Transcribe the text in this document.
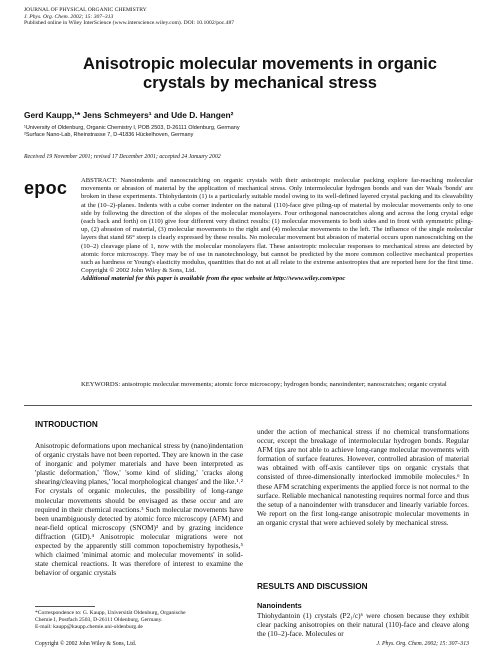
JOURNAL OF PHYSICAL ORGANIC CHEMISTRY
J. Phys. Org. Chem. 2002; 15: 307–313
Published online in Wiley InterScience (www.interscience.wiley.com). DOI: 10.1002/poc.487
Anisotropic molecular movements in organic crystals by mechanical stress
Gerd Kaupp,¹* Jens Schmeyers¹ and Ude D. Hangen²
¹University of Oldenburg, Organic Chemistry I, POB 2503, D-26111 Oldenburg, Germany
²Surface Nano-Lab, Rheinstrasse 7, D-41836 Hückelhoven, Germany
Received 19 November 2001; revised 17 December 2001; accepted 24 January 2002
epoc ABSTRACT: Nanoindents and nanoscratching on organic crystals with their anisotropic molecular packing explore far-reaching molecular movements or abrasion of material by the application of mechanical stress. Only intermolecular hydrogen bonds and van der Waals 'bonds' are broken in these experiments. Thiohydantoin (1) is a particularly suitable model owing to its well-defined layered crystal packing and its cleavability at the (10–2)-planes. Indents with a cube corner indenter on the natural (110)-face give piling-up of material by molecular movements only to one side by following the direction of the slopes of the molecular monolayers. Four orthogonal nanoscratches along and across the long crystal edge (each back and forth) on (110) give four different very distinct results: (1) molecular movements to both sides and in front with symmetric piling-up, (2) abrasion of material, (3) molecular movements to the right and (4) molecular movements to the left. The influence of the single molecular layers that stand 66° steep is clearly expressed by these results. No molecular movement but abrasion of material occurs upon nanoscratching on the (10–2) cleavage plane of 1, now with the molecular monolayers flat. These anisotropic molecular responses to mechanical stress are detected by atomic force microscopy. They may be of use in nanotechnology, but cannot be predicted by the more common collective mechanical properties such as hardness or Young's elasticity modulus, quantities that do not at all relate to the extreme anisotropies that are reported here for the first time. Copyright © 2002 John Wiley & Sons, Ltd.

Additional material for this paper is available from the epoc website at http://www.wiley.com/epoc

KEYWORDS: anisotropic molecular movements; atomic force microscopy; hydrogen bonds; nanoindenter; nanoscratches; organic crystal
INTRODUCTION

Anisotropic deformations upon mechanical stress by (nano)indentation of organic crystals have not been reported. They are known in the case of inorganic and polymer materials and have been interpreted as 'plastic deformation,' 'flow,' 'some kind of sliding,' 'cracks along shearing/cleaving planes,' 'local morphological changes' and the like.¹˒² For crystals of organic molecules, the possibility of long-range molecular movements should be envisaged as these occur and are required in their chemical reactions.³ Such molecular movements have been unambiguously detected by atomic force microscopy (AFM) and near-field optical microscopy (SNOM)³ and by grazing incidence diffraction (GID).⁴ Anisotropic molecular migrations were not expected by the apparently still common topochemistry hypothesis,⁵ which claimed 'minimal atomic and molecular movements' in solid-state chemical reactions. It was therefore of interest to examine the behavior of organic crystals

*Correspondence to: G. Kaupp, Universität Oldenburg, Organische
Chemie I, Postfach 2503, D-26111 Oldenburg, Germany.
E-mail: kaupp@kaupp.chemie.uni-oldenburg.de

under the action of mechanical stress if no chemical transformations occur, except the breakage of intermolecular hydrogen bonds. Regular AFM tips are not able to achieve long-range molecular movements with formation of surface features. However, controlled abrasion of material was obtained with off-axis cantilever tips on organic crystals that consisted of three-dimensionally interlocked immobile molecules.⁶ In these AFM scratching experiments the applied force is not normal to the surface. Reliable mechanical nanotesting requires normal force and thus the setup of a nanoindenter with transducer and linearly variable forces. We report on the first long-range anisotropic molecular movements in an organic crystal that were achieved solely by mechanical stress.

RESULTS AND DISCUSSION
Nanoindents

Thiohydantoin (1) crystals (P2₁/c)⁶ were chosen because they exhibit clear packing anisotropies on their natural (110)-face and cleave along the (10–2)-face. Molecules or

Copyright © 2002 John Wiley & Sons, Ltd.	J. Phys. Org. Chem. 2002; 15: 307–313
